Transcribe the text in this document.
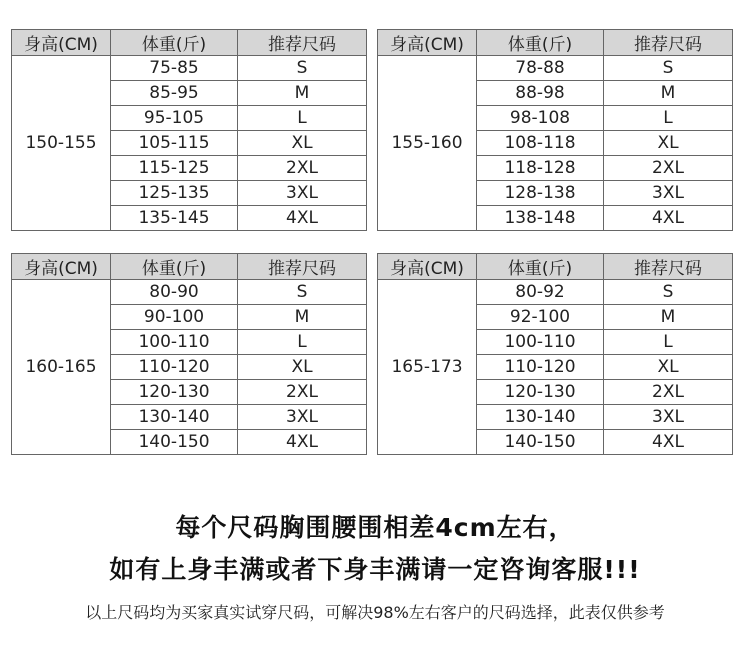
身高(CM)	体重(斤)	推荐尺码
150-155	75-85	S
	85-95	M
	95-105	L
	105-115	XL
	115-125	2XL
	125-135	3XL
	135-145	4XL
身高(CM)	体重(斤)	推荐尺码
155-160	78-88	S
	88-98	M
	98-108	L
	108-118	XL
	118-128	2XL
	128-138	3XL
	138-148	4XL
身高(CM)	体重(斤)	推荐尺码
160-165	80-90	S
	90-100	M
	100-110	L
	110-120	XL
	120-130	2XL
	130-140	3XL
	140-150	4XL
身高(CM)	体重(斤)	推荐尺码
165-173	80-92	S
	92-100	M
	100-110	L
	110-120	XL
	120-130	2XL
	130-140	3XL
	140-150	4XL
每个尺码胸围腰围相差4cm左右，
如有上身丰满或者下身丰满请一定咨询客服!!!
以上尺码均为买家真实试穿尺码，可解决98%左右客户的尺码选择，此表仅供参考
